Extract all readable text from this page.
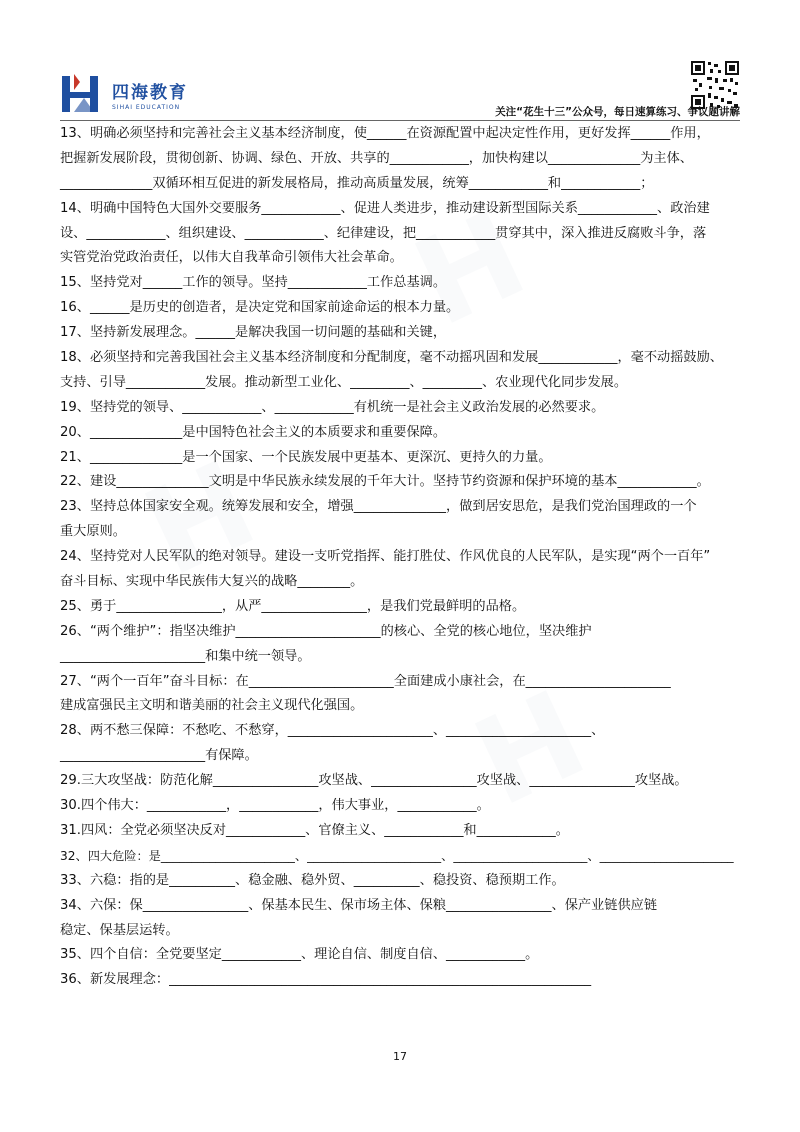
四海教育
SIHAI EDUCATION	关注“花生十三”公众号，每日速算练习、争议题讲解
13、明确必须坚持和完善社会主义基本经济制度，使______在资源配置中起决定性作用，更好发挥______作用，
把握新发展阶段，贯彻创新、协调、绿色、开放、共享的____________，加快构建以______________为主体、
______________双循环相互促进的新发展格局，推动高质量发展，统筹____________和____________；
14、明确中国特色大国外交要服务____________、促进人类进步，推动建设新型国际关系____________、政治建
设、____________、组织建设、____________、纪律建设，把____________贯穿其中，深入推进反腐败斗争，落
实管党治党政治责任，以伟大自我革命引领伟大社会革命。
15、坚持党对______工作的领导。坚持____________工作总基调。
16、______是历史的创造者，是决定党和国家前途命运的根本力量。
17、坚持新发展理念。______是解决我国一切问题的基础和关键，
18、必须坚持和完善我国社会主义基本经济制度和分配制度，毫不动摇巩固和发展____________，毫不动摇鼓励、
支持、引导____________发展。推动新型工业化、_________、_________、农业现代化同步发展。
19、坚持党的领导、____________、____________有机统一是社会主义政治发展的必然要求。
20、______________是中国特色社会主义的本质要求和重要保障。
21、______________是一个国家、一个民族发展中更基本、更深沉、更持久的力量。
22、建设______________文明是中华民族永续发展的千年大计。坚持节约资源和保护环境的基本____________。
23、坚持总体国家安全观。统筹发展和安全，增强______________，做到居安思危，是我们党治国理政的一个
重大原则。
24、坚持党对人民军队的绝对领导。建设一支听党指挥、能打胜仗、作风优良的人民军队，是实现“两个一百年”
奋斗目标、实现中华民族伟大复兴的战略________。
25、勇于________________，从严________________，是我们党最鲜明的品格。
26、“两个维护”：指坚决维护______________________的核心、全党的核心地位，坚决维护
______________________和集中统一领导。
27、“两个一百年”奋斗目标：在______________________全面建成小康社会，在______________________
建成富强民主文明和谐美丽的社会主义现代化强国。
28、两不愁三保障：不愁吃、不愁穿，______________________、______________________、
______________________有保障。
29.三大攻坚战：防范化解________________攻坚战、________________攻坚战、________________攻坚战。
30.四个伟大：____________，____________，伟大事业，____________。
31.四风：全党必须坚决反对____________、官僚主义、____________和____________。
32、四大危险：是______________________、______________________、______________________、______________________
33、六稳：指的是__________、稳金融、稳外贸、__________、稳投资、稳预期工作。
34、六保：保________________、保基本民生、保市场主体、保粮________________、保产业链供应链
稳定、保基层运转。
35、四个自信：全党要坚定____________、理论自信、制度自信、____________。
36、新发展理念：________________________________________________________________
17
